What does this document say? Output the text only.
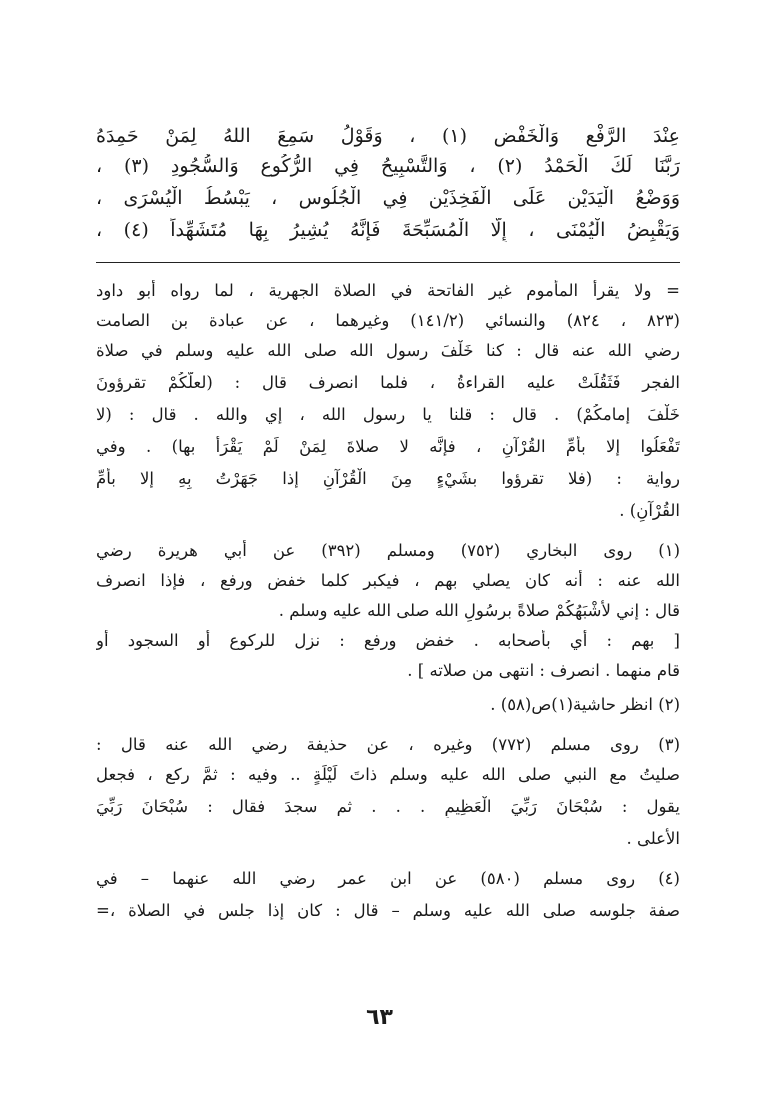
عِنْدَ الرَّفْعِ وَالْخَفْضِ (١) ، وَقَوْلُ سَمِعَ اللهُ لِمَنْ حَمِدَهُ
رَبَّنَا لَكَ الْحَمْدُ (٢) ، وَالتَّسْبِيحُ فِي الرُّكُوعِ وَالسُّجُودِ (٣) ،
وَوَضْعُ الْيَدَيْنِ عَلَى الْفَخِذَيْنِ فِي الْجُلُوسِ ، يَبْسُطُ الْيُسْرَى ،
وَيَقْبِضُ الْيُمْنَى ، إِلَّا الْمُسَبِّحَةَ فَإِنَّهُ يُشِيرُ بِهَا مُتَشَهِّداً (٤) ،
= ولا يقرأ المأموم غير الفاتحة في الصلاة الجهرية ، لما رواه أبو داود
(٨٢٣ ، ٨٢٤) والنسائي (١٤١/٢) وغيرهما ، عن عبادة بن الصامت
رضي الله عنه قال : كنا خَلْفَ رسول الله صلى الله عليه وسلم في صلاة
الفجر فَثَقُلَتْ عليه القراءةُ ، فلما انصرف قال : (لعلَّكُمْ تقرؤونَ
خَلْفَ إمامكُمْ) . قال : قلنا يا رسول الله ، إي والله . قال : (لا
تَفْعَلُوا إلا بأُمِّ القُرْآنِ ، فإنَّه لا صلاةَ لِمَنْ لَمْ يَقْرَأْ بها) . وفي
رواية : (فلا تقرؤوا بشَيْءٍ مِنَ الْقُرْآنِ إذا جَهَرْتُ بِهِ إلا بأُمِّ
القُرْآنِ) .
(١) روى البخاري (٧٥٢) ومسلم (٣٩٢) عن أبي هريرة رضي
الله عنه : أنه كان يصلي بهم ، فيكبر كلما خفض ورفع ، فإذا انصرف
قال : إني لأشْبَهُكُمْ صلاةً برسُولِ الله صلى الله عليه وسلم .
[ بهم : أي بأصحابه . خفض ورفع : نزل للركوع أو السجود أو
قام منهما . انصرف : انتهى من صلاته ] .
(٢) انظر حاشية(١)ص(٥٨) .
(٣) روى مسلم (٧٧٢) وغيره ، عن حذيفة رضي الله عنه قال :
صليتُ مع النبي صلى الله عليه وسلم ذاتَ لَيْلَةٍ .. وفيه : ثمَّ ركع ، فجعل
يقول : سُبْحَانَ رَبِّيَ الْعَظِيمِ . . . ثم سجدَ فقال : سُبْحَانَ رَبِّيَ
الأعلى .
(٤) روى مسلم (٥٨٠) عن ابن عمر رضي الله عنهما – في
صفة جلوسه صلى الله عليه وسلم – قال : كان إذا جلس في الصلاة ،=
٦٣
